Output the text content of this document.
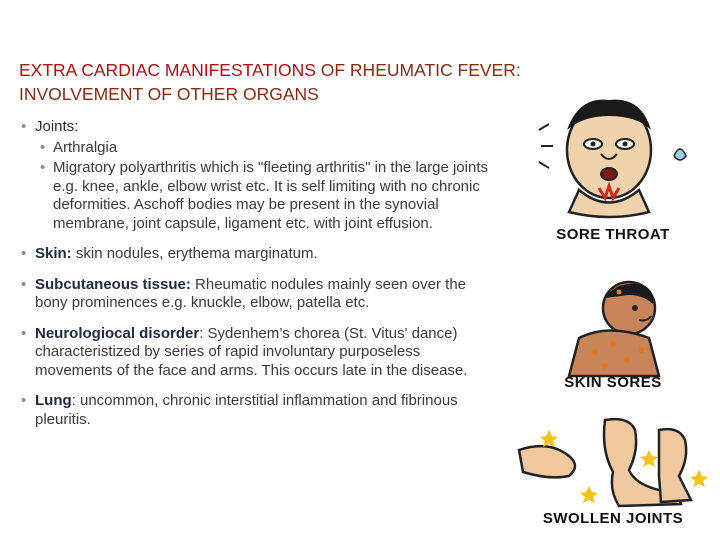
EXTRA CARDIAC MANIFESTATIONS OF RHEUMATIC FEVER:
INVOLVEMENT OF OTHER ORGANS
• Joints:
• Arthralgia
• Migratory polyarthritis which is "fleeting arthritis" in the large joints e.g. knee, ankle, elbow wrist etc. It is self limiting with no chronic deformities. Aschoff bodies may be present in the synovial membrane, joint capsule, ligament etc. with joint effusion.
• Skin: skin nodules, erythema marginatum.
• Subcutaneous tissue: Rheumatic nodules mainly seen over the bony prominences e.g. knuckle, elbow, patella etc.
• Neurologiocal disorder: Sydenhem’s chorea (St. Vitus' dance) characteristized by series of rapid involuntary purposeless movements of the face and arms. This occurs late in the disease.
• Lung: uncommon, chronic interstitial inflammation and fibrinous pleuritis.
SORE THROAT
SKIN SORES
SWOLLEN JOINTS
